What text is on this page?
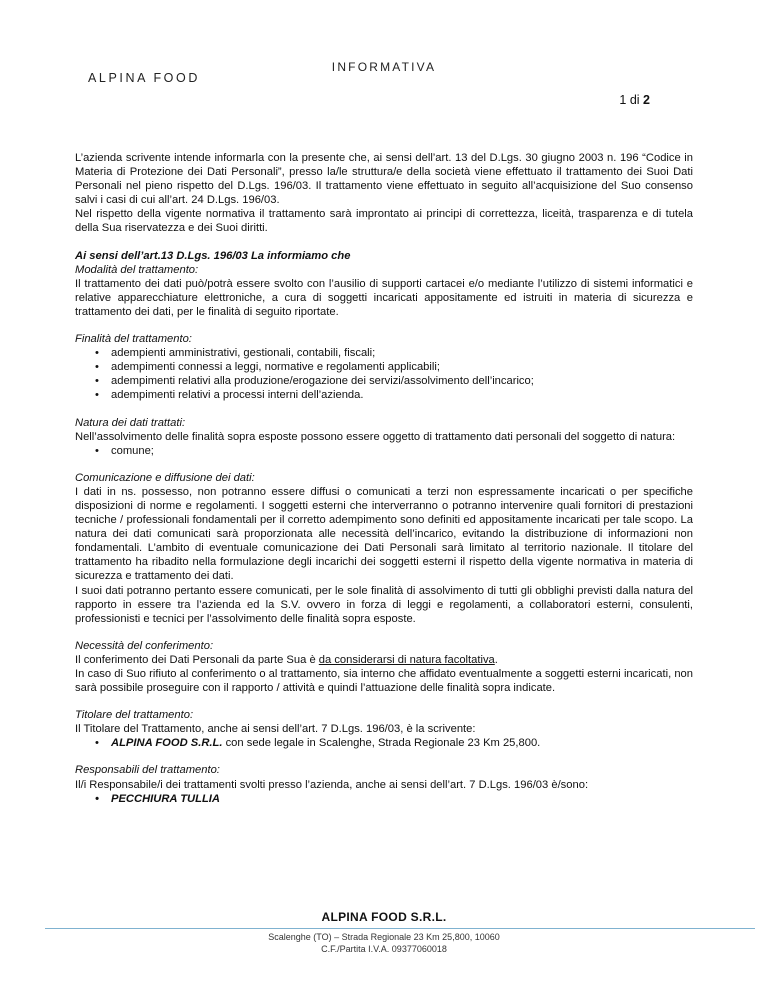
INFORMATIVA
ALPINA FOOD
1 di 2

L’azienda scrivente intende informarla con la presente che, ai sensi dell’art. 13 del D.Lgs. 30 giugno 2003 n. 196 “Codice in Materia di Protezione dei Dati Personali”, presso la/le struttura/e della società viene effettuato il trattamento dei Suoi Dati Personali nel pieno rispetto del D.Lgs. 196/03. Il trattamento viene effettuato in seguito all’acquisizione del Suo consenso salvi i casi di cui all’art. 24 D.Lgs. 196/03.

Nel rispetto della vigente normativa il trattamento sarà improntato ai principi di correttezza, liceità, trasparenza e di tutela della Sua riservatezza e dei Suoi diritti.

Ai sensi dell’art.13 D.Lgs. 196/03 La informiamo che

Modalità del trattamento:

Il trattamento dei dati può/potrà essere svolto con l’ausilio di supporti cartacei e/o mediante l’utilizzo di sistemi informatici e relative apparecchiature elettroniche, a cura di soggetti incaricati appositamente ed istruiti in materia di sicurezza e trattamento dei dati, per le finalità di seguito riportate.

Finalità del trattamento:

• adempienti amministrativi, gestionali, contabili, fiscali;
• adempimenti connessi a leggi, normative e regolamenti applicabili;
• adempimenti relativi alla produzione/erogazione dei servizi/assolvimento dell’incarico;
• adempimenti relativi a processi interni dell’azienda.

Natura dei dati trattati:

Nell’assolvimento delle finalità sopra esposte possono essere oggetto di trattamento dati personali del soggetto di natura:

• comune;

Comunicazione e diffusione dei dati:

I dati in ns. possesso, non potranno essere diffusi o comunicati a terzi non espressamente incaricati o per specifiche disposizioni di norme e regolamenti. I soggetti esterni che interverranno o potranno intervenire quali fornitori di prestazioni tecniche / professionali fondamentali per il corretto adempimento sono definiti ed appositamente incaricati per tale scopo. La natura dei dati comunicati sarà proporzionata alle necessità dell’incarico, evitando la distribuzione di informazioni non fondamentali. L’ambito di eventuale comunicazione dei Dati Personali sarà limitato al territorio nazionale. Il titolare del trattamento ha ribadito nella formulazione degli incarichi dei soggetti esterni il rispetto della vigente normativa in materia di sicurezza e trattamento dei dati.

I suoi dati potranno pertanto essere comunicati, per le sole finalità di assolvimento di tutti gli obblighi previsti dalla natura del rapporto in essere tra l’azienda ed la S.V. ovvero in forza di leggi e regolamenti, a collaboratori esterni, consulenti, professionisti e tecnici per l’assolvimento delle finalità sopra esposte.

Necessità del conferimento:

Il conferimento dei Dati Personali da parte Sua è da considerarsi di natura facoltativa.

In caso di Suo rifiuto al conferimento o al trattamento, sia interno che affidato eventualmente a soggetti esterni incaricati, non sarà possibile proseguire con il rapporto / attività e quindi l’attuazione delle finalità sopra indicate.

Titolare del trattamento:

Il Titolare del Trattamento, anche ai sensi dell’art. 7 D.Lgs. 196/03, è la scrivente:

• ALPINA FOOD S.R.L. con sede legale in Scalenghe, Strada Regionale 23 Km 25,800.

Responsabili del trattamento:

Il/i Responsabile/i dei trattamenti svolti presso l’azienda, anche ai sensi dell’art. 7 D.Lgs. 196/03 è/sono:

• PECCHIURA TULLIA
ALPINA FOOD S.R.L.
Scalenghe (TO) – Strada Regionale 23 Km 25,800, 10060
C.F./Partita I.V.A. 09377060018
